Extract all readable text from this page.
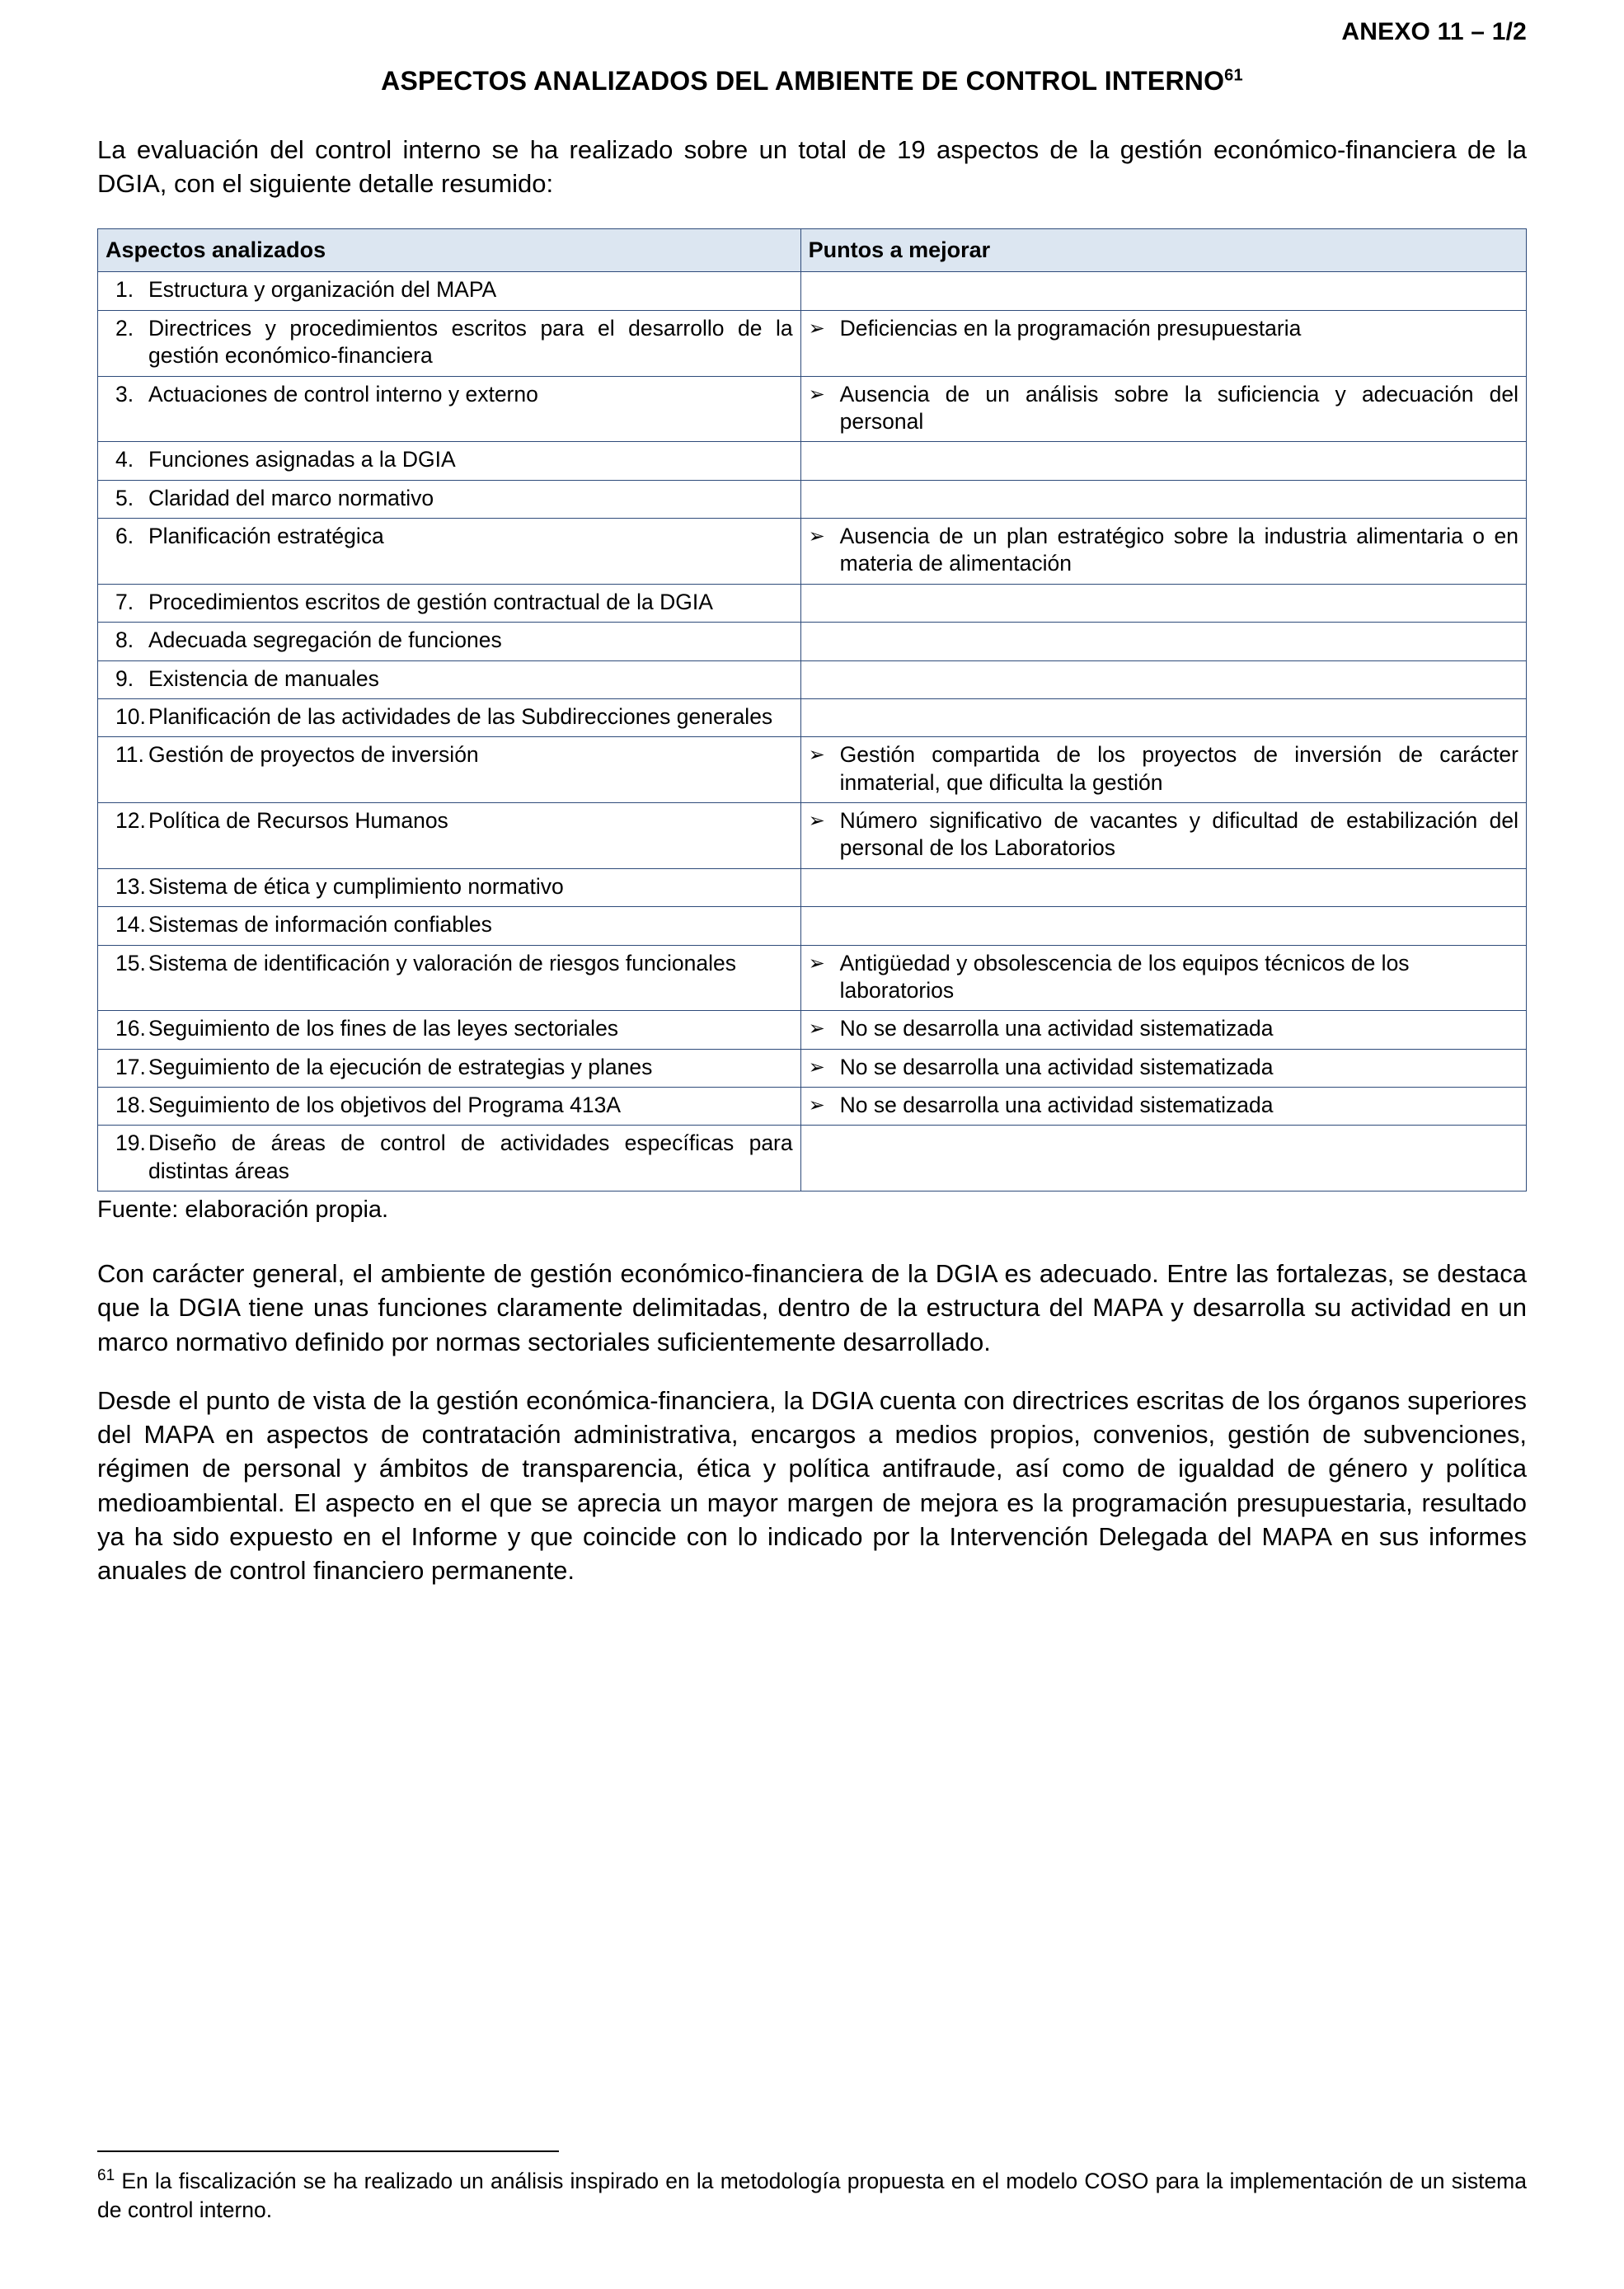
ANEXO 11 – 1/2
ASPECTOS ANALIZADOS DEL AMBIENTE DE CONTROL INTERNO$^{61}$

La evaluación del control interno se ha realizado sobre un total de 19 aspectos de la gestión económico-financiera de la DGIA, con el siguiente detalle resumido:

Aspectos analizados	Puntos a mejorar

1. Estructura y organización del MAPA	

2. Directrices y procedimientos escritos para el desarrollo de la gestión económico-financiera	➢ Deficiencias en la programación presupuestaria

3. Actuaciones de control interno y externo	➢ Ausencia de un análisis sobre la suficiencia y adecuación del personal

4. Funciones asignadas a la DGIA	

5. Claridad del marco normativo	

6. Planificación estratégica	➢ Ausencia de un plan estratégico sobre la industria alimentaria o en materia de alimentación

7. Procedimientos escritos de gestión contractual de la DGIA	

8. Adecuada segregación de funciones	

9. Existencia de manuales	

10. Planificación de las actividades de las Subdirecciones generales	

11. Gestión de proyectos de inversión	➢ Gestión compartida de los proyectos de inversión de carácter inmaterial, que dificulta la gestión

12. Política de Recursos Humanos	➢ Número significativo de vacantes y dificultad de estabilización del personal de los Laboratorios

13. Sistema de ética y cumplimiento normativo	

14. Sistemas de información confiables	

15. Sistema de identificación y valoración de riesgos funcionales	➢ Antigüedad y obsolescencia de los equipos técnicos de los laboratorios

16. Seguimiento de los fines de las leyes sectoriales	➢ No se desarrolla una actividad sistematizada

17. Seguimiento de la ejecución de estrategias y planes	➢ No se desarrolla una actividad sistematizada

18. Seguimiento de los objetivos del Programa 413A	➢ No se desarrolla una actividad sistematizada

19. Diseño de áreas de control de actividades específicas para distintas áreas	

Fuente: elaboración propia.

Con carácter general, el ambiente de gestión económico-financiera de la DGIA es adecuado. Entre las fortalezas, se destaca que la DGIA tiene unas funciones claramente delimitadas, dentro de la estructura del MAPA y desarrolla su actividad en un marco normativo definido por normas sectoriales suficientemente desarrollado.

Desde el punto de vista de la gestión económica-financiera, la DGIA cuenta con directrices escritas de los órganos superiores del MAPA en aspectos de contratación administrativa, encargos a medios propios, convenios, gestión de subvenciones, régimen de personal y ámbitos de transparencia, ética y política antifraude, así como de igualdad de género y política medioambiental. El aspecto en el que se aprecia un mayor margen de mejora es la programación presupuestaria, resultado ya ha sido expuesto en el Informe y que coincide con lo indicado por la Intervención Delegada del MAPA en sus informes anuales de control financiero permanente.

$^{61}$ En la fiscalización se ha realizado un análisis inspirado en la metodología propuesta en el modelo COSO para la implementación de un sistema de control interno.
